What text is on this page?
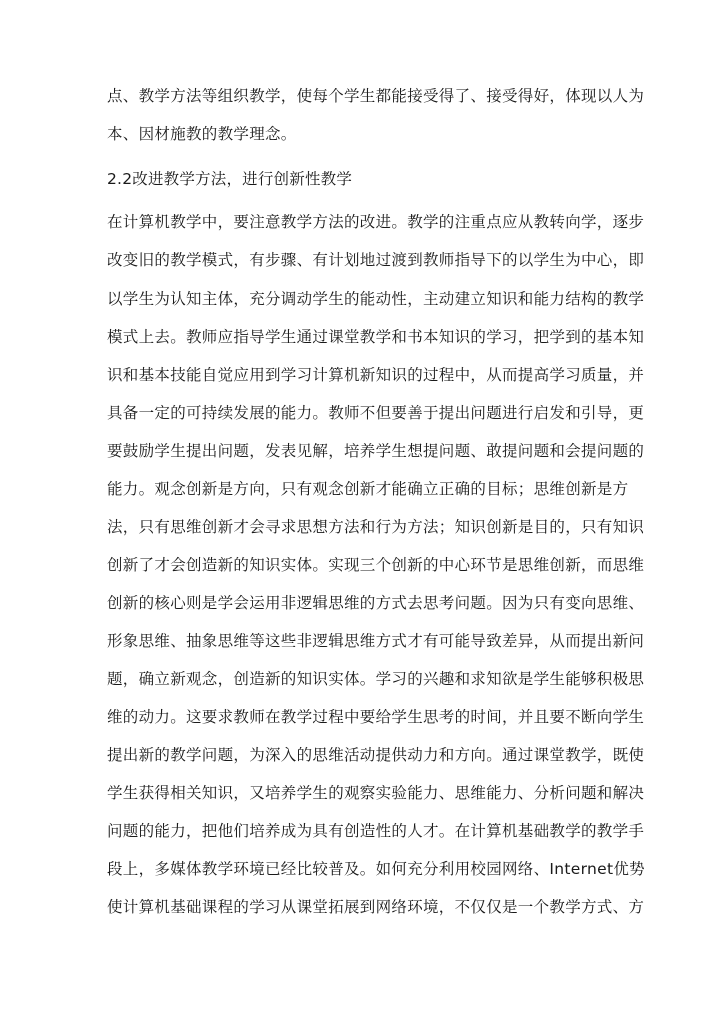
点、教学方法等组织教学，使每个学生都能接受得了、接受得好，体现以人为
本、因材施教的教学理念。
2.2改进教学方法，进行创新性教学
在计算机教学中，要注意教学方法的改进。教学的注重点应从教转向学，逐步
改变旧的教学模式，有步骤、有计划地过渡到教师指导下的以学生为中心，即
以学生为认知主体，充分调动学生的能动性，主动建立知识和能力结构的教学
模式上去。教师应指导学生通过课堂教学和书本知识的学习，把学到的基本知
识和基本技能自觉应用到学习计算机新知识的过程中，从而提高学习质量，并
具备一定的可持续发展的能力。教师不但要善于提出问题进行启发和引导，更
要鼓励学生提出问题，发表见解，培养学生想提问题、敢提问题和会提问题的
能力。观念创新是方向，只有观念创新才能确立正确的目标；思维创新是方
法，只有思维创新才会寻求思想方法和行为方法；知识创新是目的，只有知识
创新了才会创造新的知识实体。实现三个创新的中心环节是思维创新，而思维
创新的核心则是学会运用非逻辑思维的方式去思考问题。因为只有变向思维、
形象思维、抽象思维等这些非逻辑思维方式才有可能导致差异，从而提出新问
题，确立新观念，创造新的知识实体。学习的兴趣和求知欲是学生能够积极思
维的动力。这要求教师在教学过程中要给学生思考的时间，并且要不断向学生
提出新的教学问题，为深入的思维活动提供动力和方向。通过课堂教学，既使
学生获得相关知识，又培养学生的观察实验能力、思维能力、分析问题和解决
问题的能力，把他们培养成为具有创造性的人才。在计算机基础教学的教学手
段上，多媒体教学环境已经比较普及。如何充分利用校园网络、Internet优势
使计算机基础课程的学习从课堂拓展到网络环境，不仅仅是一个教学方式、方
